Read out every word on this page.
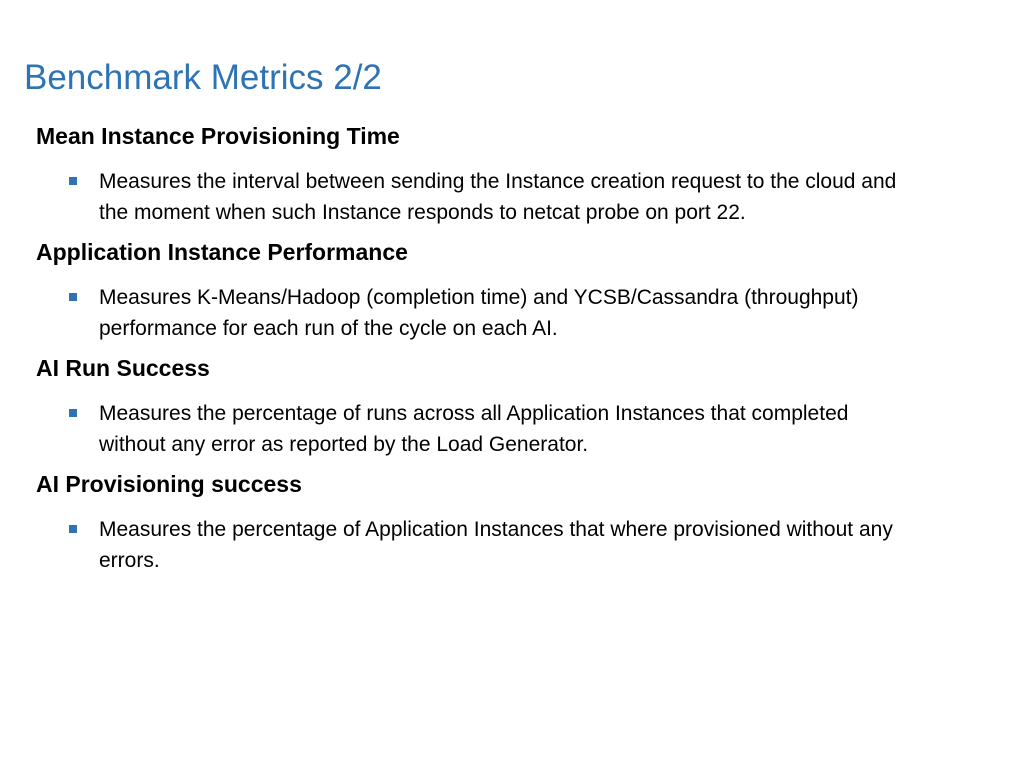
Benchmark Metrics 2/2

Mean Instance Provisioning Time

Measures the interval between sending the Instance creation request to the cloud and the moment when such Instance responds to netcat probe on port 22.

Application Instance Performance

Measures K-Means/Hadoop (completion time) and YCSB/Cassandra (throughput) performance for each run of the cycle on each AI.

AI Run Success

Measures the percentage of runs across all Application Instances that completed without any error as reported by the Load Generator.

AI Provisioning success

Measures the percentage of Application Instances that where provisioned without any errors.
